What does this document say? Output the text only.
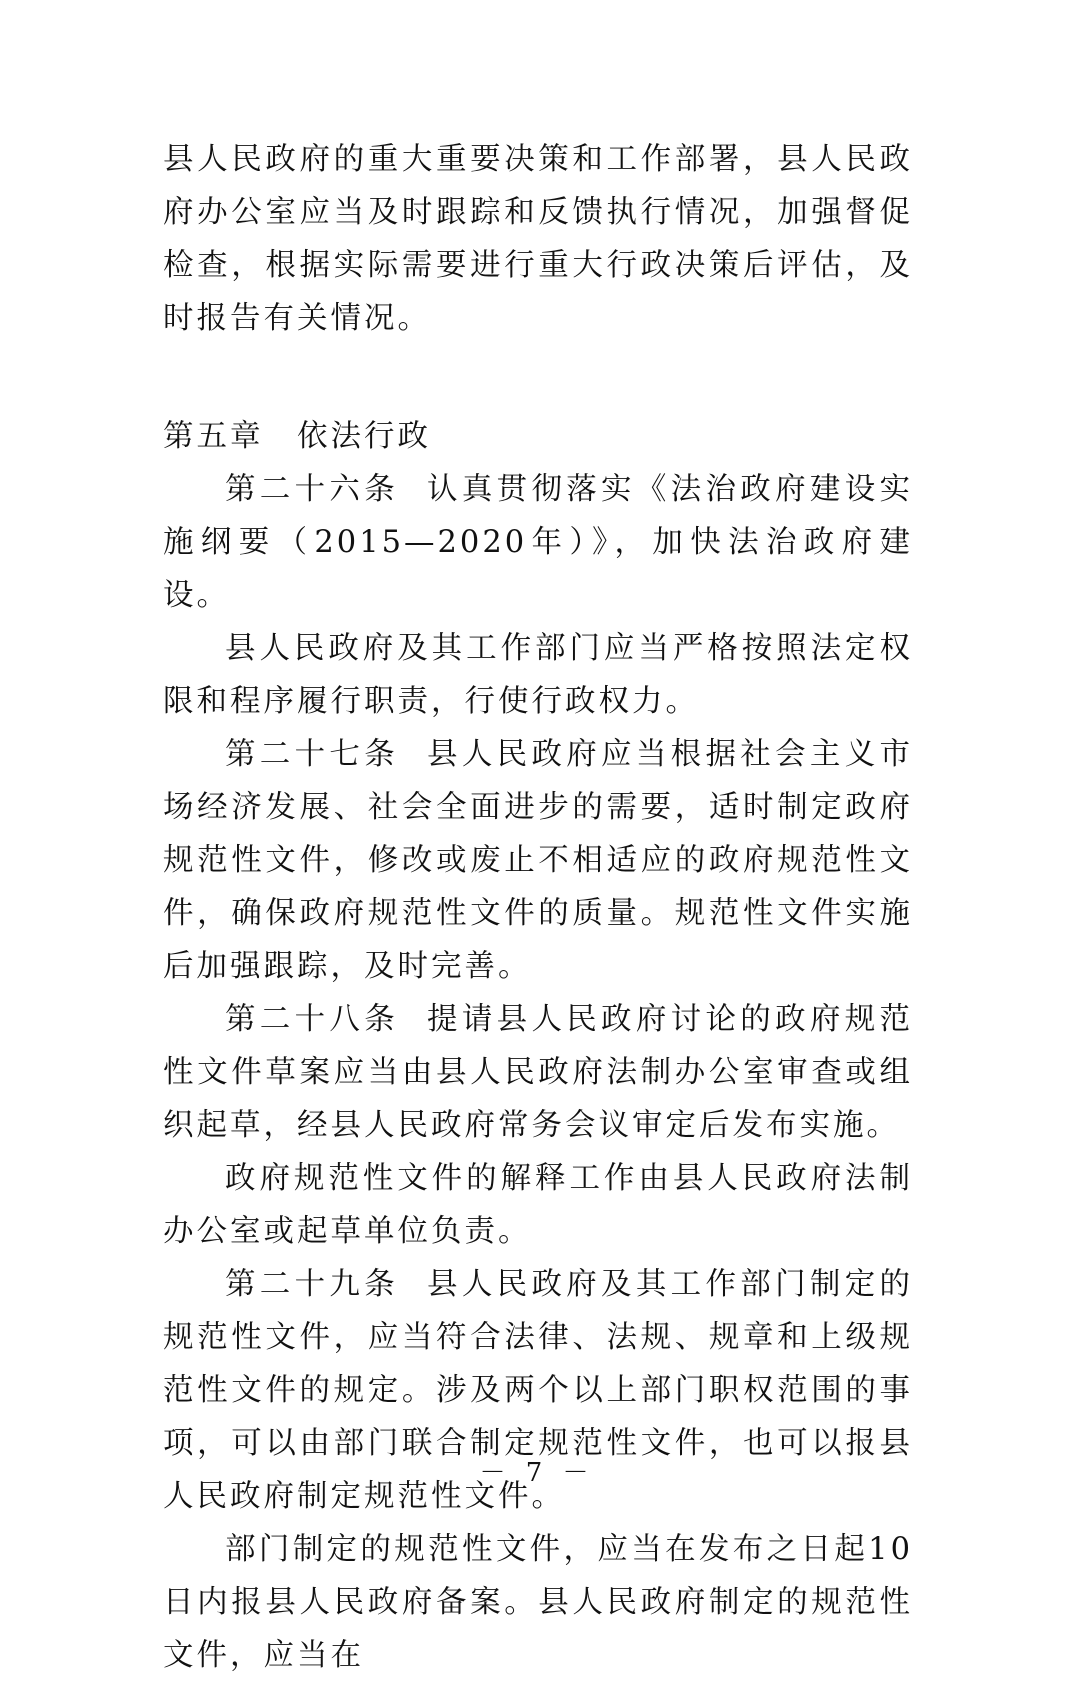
县人民政府的重大重要决策和工作部署，县人民政府办公室应当及时跟踪和反馈执行情况，加强督促检查，根据实际需要进行重大行政决策后评估，及时报告有关情况。

第五章　依法行政

第二十六条 认真贯彻落实《法治政府建设实施纲要（2015—2020年）》，加快法治政府建设。

县人民政府及其工作部门应当严格按照法定权限和程序履行职责，行使行政权力。

第二十七条 县人民政府应当根据社会主义市场经济发展、社会全面进步的需要，适时制定政府规范性文件，修改或废止不相适应的政府规范性文件，确保政府规范性文件的质量。规范性文件实施后加强跟踪，及时完善。

第二十八条 提请县人民政府讨论的政府规范性文件草案应当由县人民政府法制办公室审查或组织起草，经县人民政府常务会议审定后发布实施。

政府规范性文件的解释工作由县人民政府法制办公室或起草单位负责。

第二十九条 县人民政府及其工作部门制定的规范性文件，应当符合法律、法规、规章和上级规范性文件的规定。涉及两个以上部门职权范围的事项，可以由部门联合制定规范性文件，也可以报县人民政府制定规范性文件。

部门制定的规范性文件，应当在发布之日起10日内报县人民政府备案。县人民政府制定的规范性文件，应当在

－ 7 －
